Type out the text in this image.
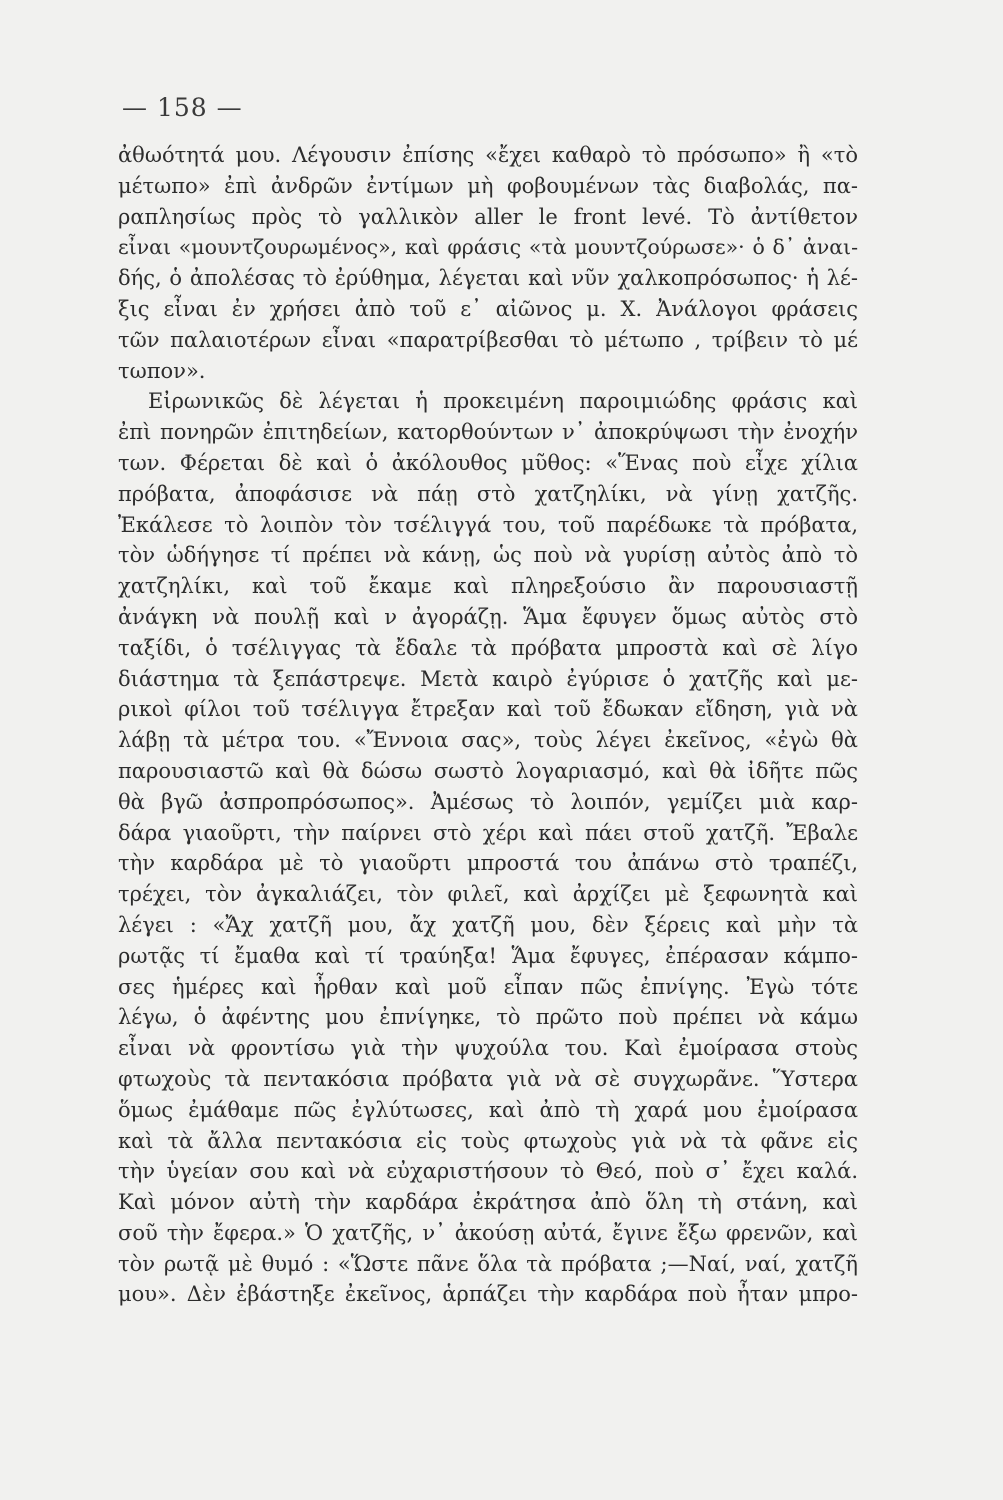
— 158 —
ἀθωότητά μου. Λέγουσιν ἐπίσης «ἔχει καθαρὸ τὸ πρόσωπο» ἢ «τὸ
μέτωπο» ἐπὶ ἀνδρῶν ἐντίμων μὴ φοβουμένων τὰς διαβολάς, πα-
ραπλησίως πρὸς τὸ γαλλικὸν aller le front levé. Τὸ ἀντίθετον
εἶναι «μουντζουρωμένος», καὶ φράσις «τὰ μουντζούρωσε»· ὁ δ᾽ ἀναι-
δής, ὁ ἀπολέσας τὸ ἐρύθημα, λέγεται καὶ νῦν χαλκοπρόσωπος· ἡ λέ-
ξις εἶναι ἐν χρήσει ἀπὸ τοῦ ε᾽ αἰῶνος μ. Χ. Ἀνάλογοι φράσεις
τῶν παλαιοτέρων εἶναι «παρατρίβεσθαι τὸ μέτωπο , τρίβειν τὸ μέ
τωπον».
Εἰρωνικῶς δὲ λέγεται ἡ προκειμένη παροιμιώδης φράσις καὶ
ἐπὶ πονηρῶν ἐπιτηδείων, κατορθούντων ν᾽ ἀποκρύψωσι τὴν ἐνοχήν
των. Φέρεται δὲ καὶ ὁ ἀκόλουθος μῦθος: «Ἕνας ποὺ εἶχε χίλια
πρόβατα, ἀποφάσισε νὰ πάῃ στὸ χατζηλίκι, νὰ γίνῃ χατζῆς.
Ἐκάλεσε τὸ λοιπὸν τὸν τσέλιγγά του, τοῦ παρέδωκε τὰ πρόβατα,
τὸν ὡδήγησε τί πρέπει νὰ κάνῃ, ὡς ποὺ νὰ γυρίσῃ αὐτὸς ἀπὸ τὸ
χατζηλίκι, καὶ τοῦ ἔκαμε καὶ πληρεξούσιο ἂν παρουσιαστῇ
ἀνάγκη νὰ πουλῇ καὶ ν ἀγοράζῃ. Ἅμα ἔφυγεν ὅμως αὐτὸς στὸ
ταξίδι, ὁ τσέλιγγας τὰ ἔδαλε τὰ πρόβατα μπροστὰ καὶ σὲ λίγο
διάστημα τὰ ξεπάστρεψε. Μετὰ καιρὸ ἐγύρισε ὁ χατζῆς καὶ με-
ρικοὶ φίλοι τοῦ τσέλιγγα ἔτρεξαν καὶ τοῦ ἔδωκαν εἴδηση, γιὰ νὰ
λάβῃ τὰ μέτρα του. «Ἔννοια σας», τοὺς λέγει ἐκεῖνος, «ἐγὼ θὰ
παρουσιαστῶ καὶ θὰ δώσω σωστὸ λογαριασμό, καὶ θὰ ἰδῆτε πῶς
θὰ βγῶ ἀσπροπρόσωπος». Ἀμέσως τὸ λοιπόν, γεμίζει μιὰ καρ-
δάρα γιαοῦρτι, τὴν παίρνει στὸ χέρι καὶ πάει στοῦ χατζῆ. Ἔβαλε
τὴν καρδάρα μὲ τὸ γιαοῦρτι μπροστά του ἀπάνω στὸ τραπέζι,
τρέχει, τὸν ἀγκαλιάζει, τὸν φιλεῖ, καὶ ἀρχίζει μὲ ξεφωνητὰ καὶ
λέγει : «Ἄχ χατζῆ μου, ἄχ χατζῆ μου, δὲν ξέρεις καὶ μὴν τὰ
ρωτᾷς τί ἔμαθα καὶ τί τραύηξα! Ἅμα ἔφυγες, ἐπέρασαν κάμπο-
σες ἡμέρες καὶ ἦρθαν καὶ μοῦ εἶπαν πῶς ἐπνίγης. Ἐγὼ τότε
λέγω, ὁ ἀφέντης μου ἐπνίγηκε, τὸ πρῶτο ποὺ πρέπει νὰ κάμω
εἶναι νὰ φροντίσω γιὰ τὴν ψυχούλα του. Καὶ ἐμοίρασα στοὺς
φτωχοὺς τὰ πεντακόσια πρόβατα γιὰ νὰ σὲ συγχωρᾶνε. Ὕστερα
ὅμως ἐμάθαμε πῶς ἐγλύτωσες, καὶ ἀπὸ τὴ χαρά μου ἐμοίρασα
καὶ τὰ ἄλλα πεντακόσια εἰς τοὺς φτωχοὺς γιὰ νὰ τὰ φᾶνε εἰς
τὴν ὑγείαν σου καὶ νὰ εὐχαριστήσουν τὸ Θεό, ποὺ σ᾽ ἔχει καλά.
Καὶ μόνον αὐτὴ τὴν καρδάρα ἐκράτησα ἀπὸ ὅλη τὴ στάνη, καὶ
σοῦ τὴν ἔφερα.» Ὁ χατζῆς, ν᾽ ἀκούσῃ αὐτά, ἔγινε ἔξω φρενῶν, καὶ
τὸν ρωτᾷ μὲ θυμό : «Ὥστε πᾶνε ὅλα τὰ πρόβατα ;—Ναί, ναί, χατζῆ
μου». Δὲν ἐβάστηξε ἐκεῖνος, ἁρπάζει τὴν καρδάρα ποὺ ἦταν μπρο-
